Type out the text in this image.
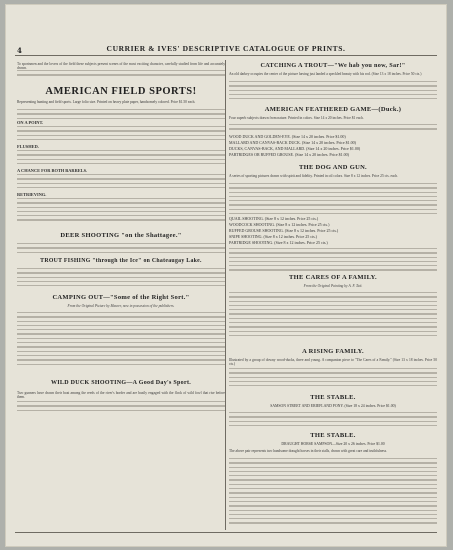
4	CURRIER & IVES' DESCRIPTIVE CATALOGUE OF PRINTS.

To sportsmen and the lovers of the field these subjects present scenes of the most exciting character, carefully studied from life and accurately drawn.

AMERICAN FIELD SPORTS!

Representing hunting and field sports. Large folio size. Printed on heavy plate paper, handsomely colored. Price $1.50 each.

ON A POINT.
FLUSHED.
A CHANCE FOR BOTH BARRELS.
RETRIEVING.
DEER SHOOTING "on the Shattagee."
TROUT FISHING "through the Ice" on Chateaugay Lake.
CAMPING OUT—"Some of the Right Sort."
From the Original Picture by Maurer, now in possession of the publishers.
WILD DUCK SHOOTING—A Good Day's Sport.

Two gunners have drawn their boat among the reeds of the river's border and are busily engaged with the flock of wild fowl that rise before them.

CATCHING A TROUT—"We hab you now, Sar!"

An old darkey occupies the center of the picture having just landed a speckled beauty with his rod. (Size 13 x 18 inches. Price 50 cts.)

AMERICAN FEATHERED GAME—(Duck.)

Four superb subjects drawn from nature. Printed in colors. Size 14 x 20 inches. Price $1 each.

WOOD DUCK AND GOLDEN-EYE. (Size 14 x 20 inches. Price $1.00)
MALLARD AND CANVAS-BACK DUCK. (Size 14 x 20 inches. Price $1.00)
DUCKS, CANVAS-BACK, AND MALLARD. (Size 14 x 20 inches. Price $1.00)
PARTRIDGES OR RUFFED GROUSE. (Size 14 x 20 inches. Price $1.00)
THE DOG AND GUN.

A series of sporting pictures drawn with spirit and fidelity. Printed in oil colors. Size 8 x 12 inches. Price 25 cts. each.

QUAIL SHOOTING. (Size 8 x 12 inches. Price 25 cts.)
WOODCOCK SHOOTING. (Size 8 x 12 inches. Price 25 cts.)
RUFFED GROUSE SHOOTING. (Size 8 x 12 inches. Price 25 cts.)
SNIPE SHOOTING. (Size 8 x 12 inches. Price 25 cts.)
PARTRIDGE SHOOTING. (Size 8 x 12 inches. Price 25 cts.)
THE CARES OF A FAMILY.
From the Original Painting by A. F. Tait.
A RISING FAMILY.

Illustrated by a group of downy wood-ducks, three and young. A companion piece to "The Cares of a Family." (Size 13 x 18 inches. Price 50 cts.)

THE STABLE.
SAMSON STREET AND ERIEFLAND PONY. (Size 18 x 24 inches. Price $1.00)
THE STABLE.
DRAUGHT HORSE SAMPSON—Size 20 x 26 inches. Price $1.00

The above pair represents two handsome draught horses in their stalls, drawn with great care and truthfulness.
